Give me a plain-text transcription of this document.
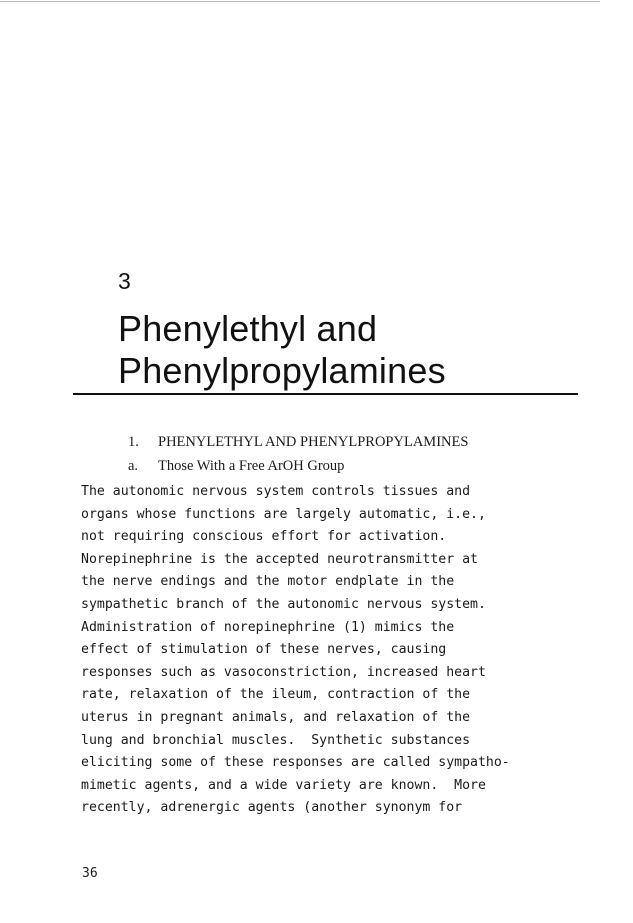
3
Phenylethyl and
Phenylpropylamines
1. PHENYLETHYL AND PHENYLPROPYLAMINES
a. Those With a Free ArOH Group
The autonomic nervous system controls tissues and
organs whose functions are largely automatic, i.e.,
not requiring conscious effort for activation.
Norepinephrine is the accepted neurotransmitter at
the nerve endings and the motor endplate in the
sympathetic branch of the autonomic nervous system.
Administration of norepinephrine (1) mimics the
effect of stimulation of these nerves, causing
responses such as vasoconstriction, increased heart
rate, relaxation of the ileum, contraction of the
uterus in pregnant animals, and relaxation of the
lung and bronchial muscles.  Synthetic substances
eliciting some of these responses are called sympatho-
mimetic agents, and a wide variety are known.  More
recently, adrenergic agents (another synonym for
36
